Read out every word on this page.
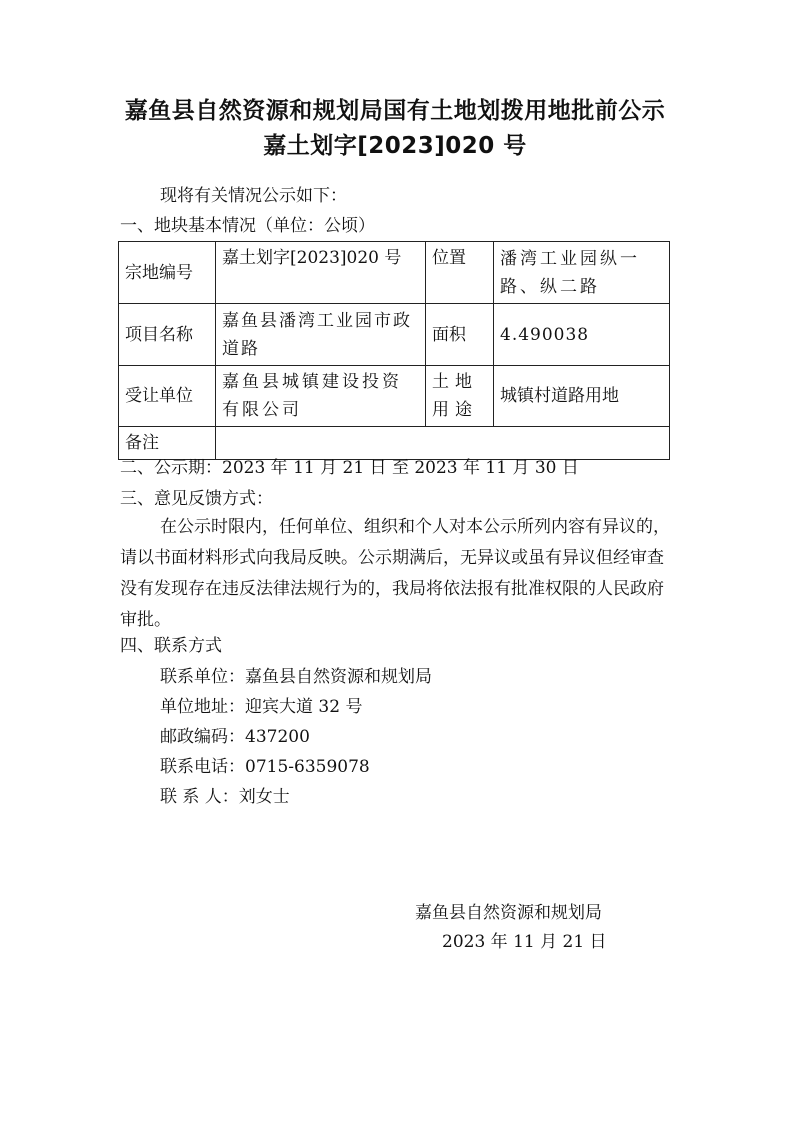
嘉鱼县自然资源和规划局国有土地划拨用地批前公示
嘉土划字[2023]020 号
现将有关情况公示如下：
一、地块基本情况（单位：公顷）
宗地编号	嘉土划字[2023]020 号	位置	潘湾工业园纵一路、纵二路
项目名称	嘉鱼县潘湾工业园市政道路	面积	4.490038
受让单位	嘉鱼县城镇建设投资有限公司	土地用途	城镇村道路用地
备注			
二、公示期：2023 年 11 月 21 日 至 2023 年 11 月 30 日
三、意见反馈方式：
在公示时限内，任何单位、组织和个人对本公示所列内容有异议的，请以书面材料形式向我局反映。公示期满后，无异议或虽有异议但经审查没有发现存在违反法律法规行为的，我局将依法报有批准权限的人民政府审批。
四、联系方式
联系单位：嘉鱼县自然资源和规划局
单位地址：迎宾大道 32 号
邮政编码：437200
联系电话：0715-6359078
联 系 人：刘女士
嘉鱼县自然资源和规划局
2023 年 11 月 21 日
